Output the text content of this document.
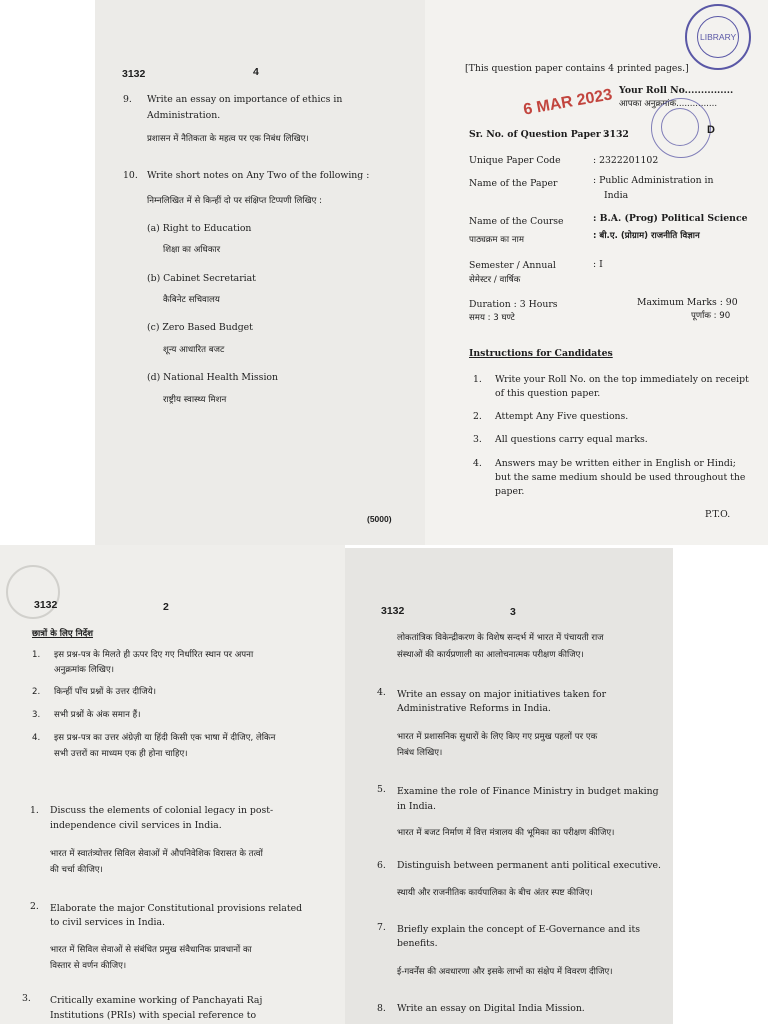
3132	4
9. Write an essay on importance of ethics in
Administration.
प्रशासन में नैतिकता के महत्व पर एक निबंध लिखिए।
10. Write short notes on Any Two of the following :
निम्नलिखित में से किन्हीं दो पर संक्षिप्त टिप्पणी लिखिए :
(a) Right to Education
शिक्षा का अधिकार
(b) Cabinet Secretariat
कैबिनेट सचिवालय
(c) Zero Based Budget
शून्य आधारित बजट
(d) National Health Mission
राष्ट्रीय स्वास्थ्य मिशन
(5000)
[This question paper contains 4 printed pages.]
Your Roll No...............
आपका अनुक्रमांक...............
6 MAR 2023
LIBRARY
D
Sr. No. of Question Paper :
3132
Unique Paper Code	: 2322201102
Name of the Paper	: Public Administration in
India
Name of the Course	: B.A. (Prog) Political Science
पाठ्यक्रम का नाम	: बी.ए. (प्रोग्राम) राजनीति विज्ञान
Semester / Annual	: I
सेमेस्टर / वार्षिक
Duration : 3 Hours
समय : 3 घण्टे
Maximum Marks : 90
पूर्णांक : 90
Instructions for Candidates
1. Write your Roll No. on the top immediately on receipt
of this question paper.
2. Attempt Any Five questions.
3. All questions carry equal marks.
4. Answers may be written either in English or Hindi;
but the same medium should be used throughout the
paper.
P.T.O.
3132	2
छात्रों के लिए निर्देश
1. इस प्रश्न-पत्र के मिलते ही ऊपर दिए गए निर्धारित स्थान पर अपना
अनुक्रमांक लिखिए।
2. किन्हीं पाँच प्रश्नों के उत्तर दीजिये।
3. सभी प्रश्नों के अंक समान हैं।
4. इस प्रश्न-पत्र का उत्तर अंग्रेज़ी या हिंदी किसी एक भाषा में दीजिए, लेकिन
सभी उत्तरों का माध्यम एक ही होना चाहिए।
1. Discuss the elements of colonial legacy in post-
independence civil services in India.
भारत में स्वातंत्र्योत्तर सिविल सेवाओं में औपनिवेशिक विरासत के तत्वों
की चर्चा कीजिए।
2. Elaborate the major Constitutional provisions related
to civil services in India.
भारत में सिविल सेवाओं से संबंधित प्रमुख संवैधानिक प्रावधानों का
विस्तार से वर्णन कीजिए।
3. Critically examine working of Panchayati Raj
Institutions (PRIs) with special reference to
3132	3
लोकतांत्रिक विकेन्द्रीकरण के विशेष सन्दर्भ में भारत में पंचायती राज
संस्थाओं की कार्यप्रणाली का आलोचनात्मक परीक्षण कीजिए।
4. Write an essay on major initiatives taken for
Administrative Reforms in India.
भारत में प्रशासनिक सुधारों के लिए किए गए प्रमुख पहलों पर एक
निबंध लिखिए।
5. Examine the role of Finance Ministry in budget making
in India.
भारत में बजट निर्माण में वित्त मंत्रालय की भूमिका का परीक्षण कीजिए।
6. Distinguish between permanent anti political executive.
स्थायी और राजनीतिक कार्यपालिका के बीच अंतर स्पष्ट कीजिए।
7. Briefly explain the concept of E-Governance and its
benefits.
ई-गवर्नेंस की अवधारणा और इसके लाभों का संक्षेप में विवरण दीजिए।
8. Write an essay on Digital India Mission.
